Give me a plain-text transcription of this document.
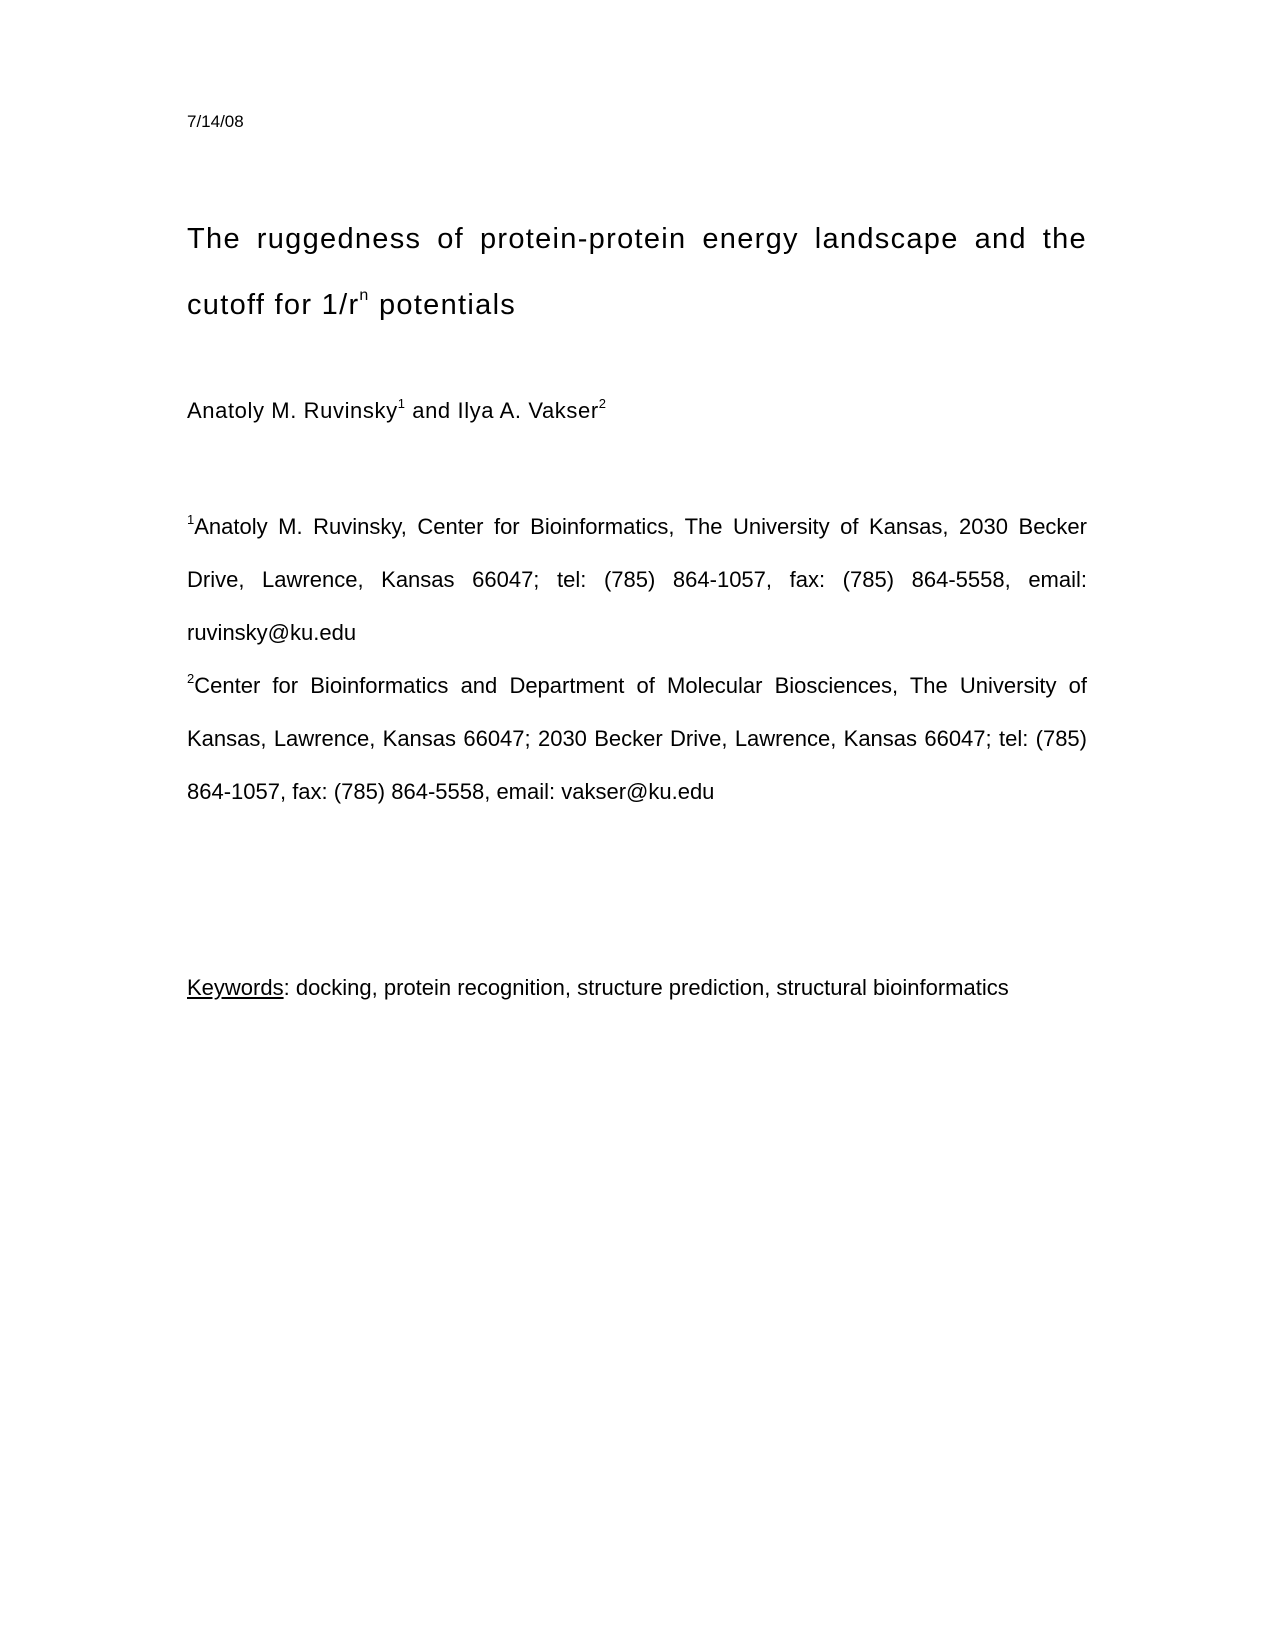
7/14/08
The ruggedness of protein-protein energy landscape and the
cutoff for $1/r^n$ potentials
Anatoly M. Ruvinsky$^1$ and Ilya A. Vakser$^2$

$^1$Anatoly M. Ruvinsky, Center for Bioinformatics, The University of Kansas, 2030 Becker Drive, Lawrence, Kansas 66047; tel: (785) 864-1057, fax: (785) 864-5558, email: ruvinsky@ku.edu

$^2$Center for Bioinformatics and Department of Molecular Biosciences, The University of Kansas, Lawrence, Kansas 66047; 2030 Becker Drive, Lawrence, Kansas 66047; tel: (785) 864-1057, fax: (785) 864-5558, email: vakser@ku.edu

Keywords: docking, protein recognition, structure prediction, structural bioinformatics
